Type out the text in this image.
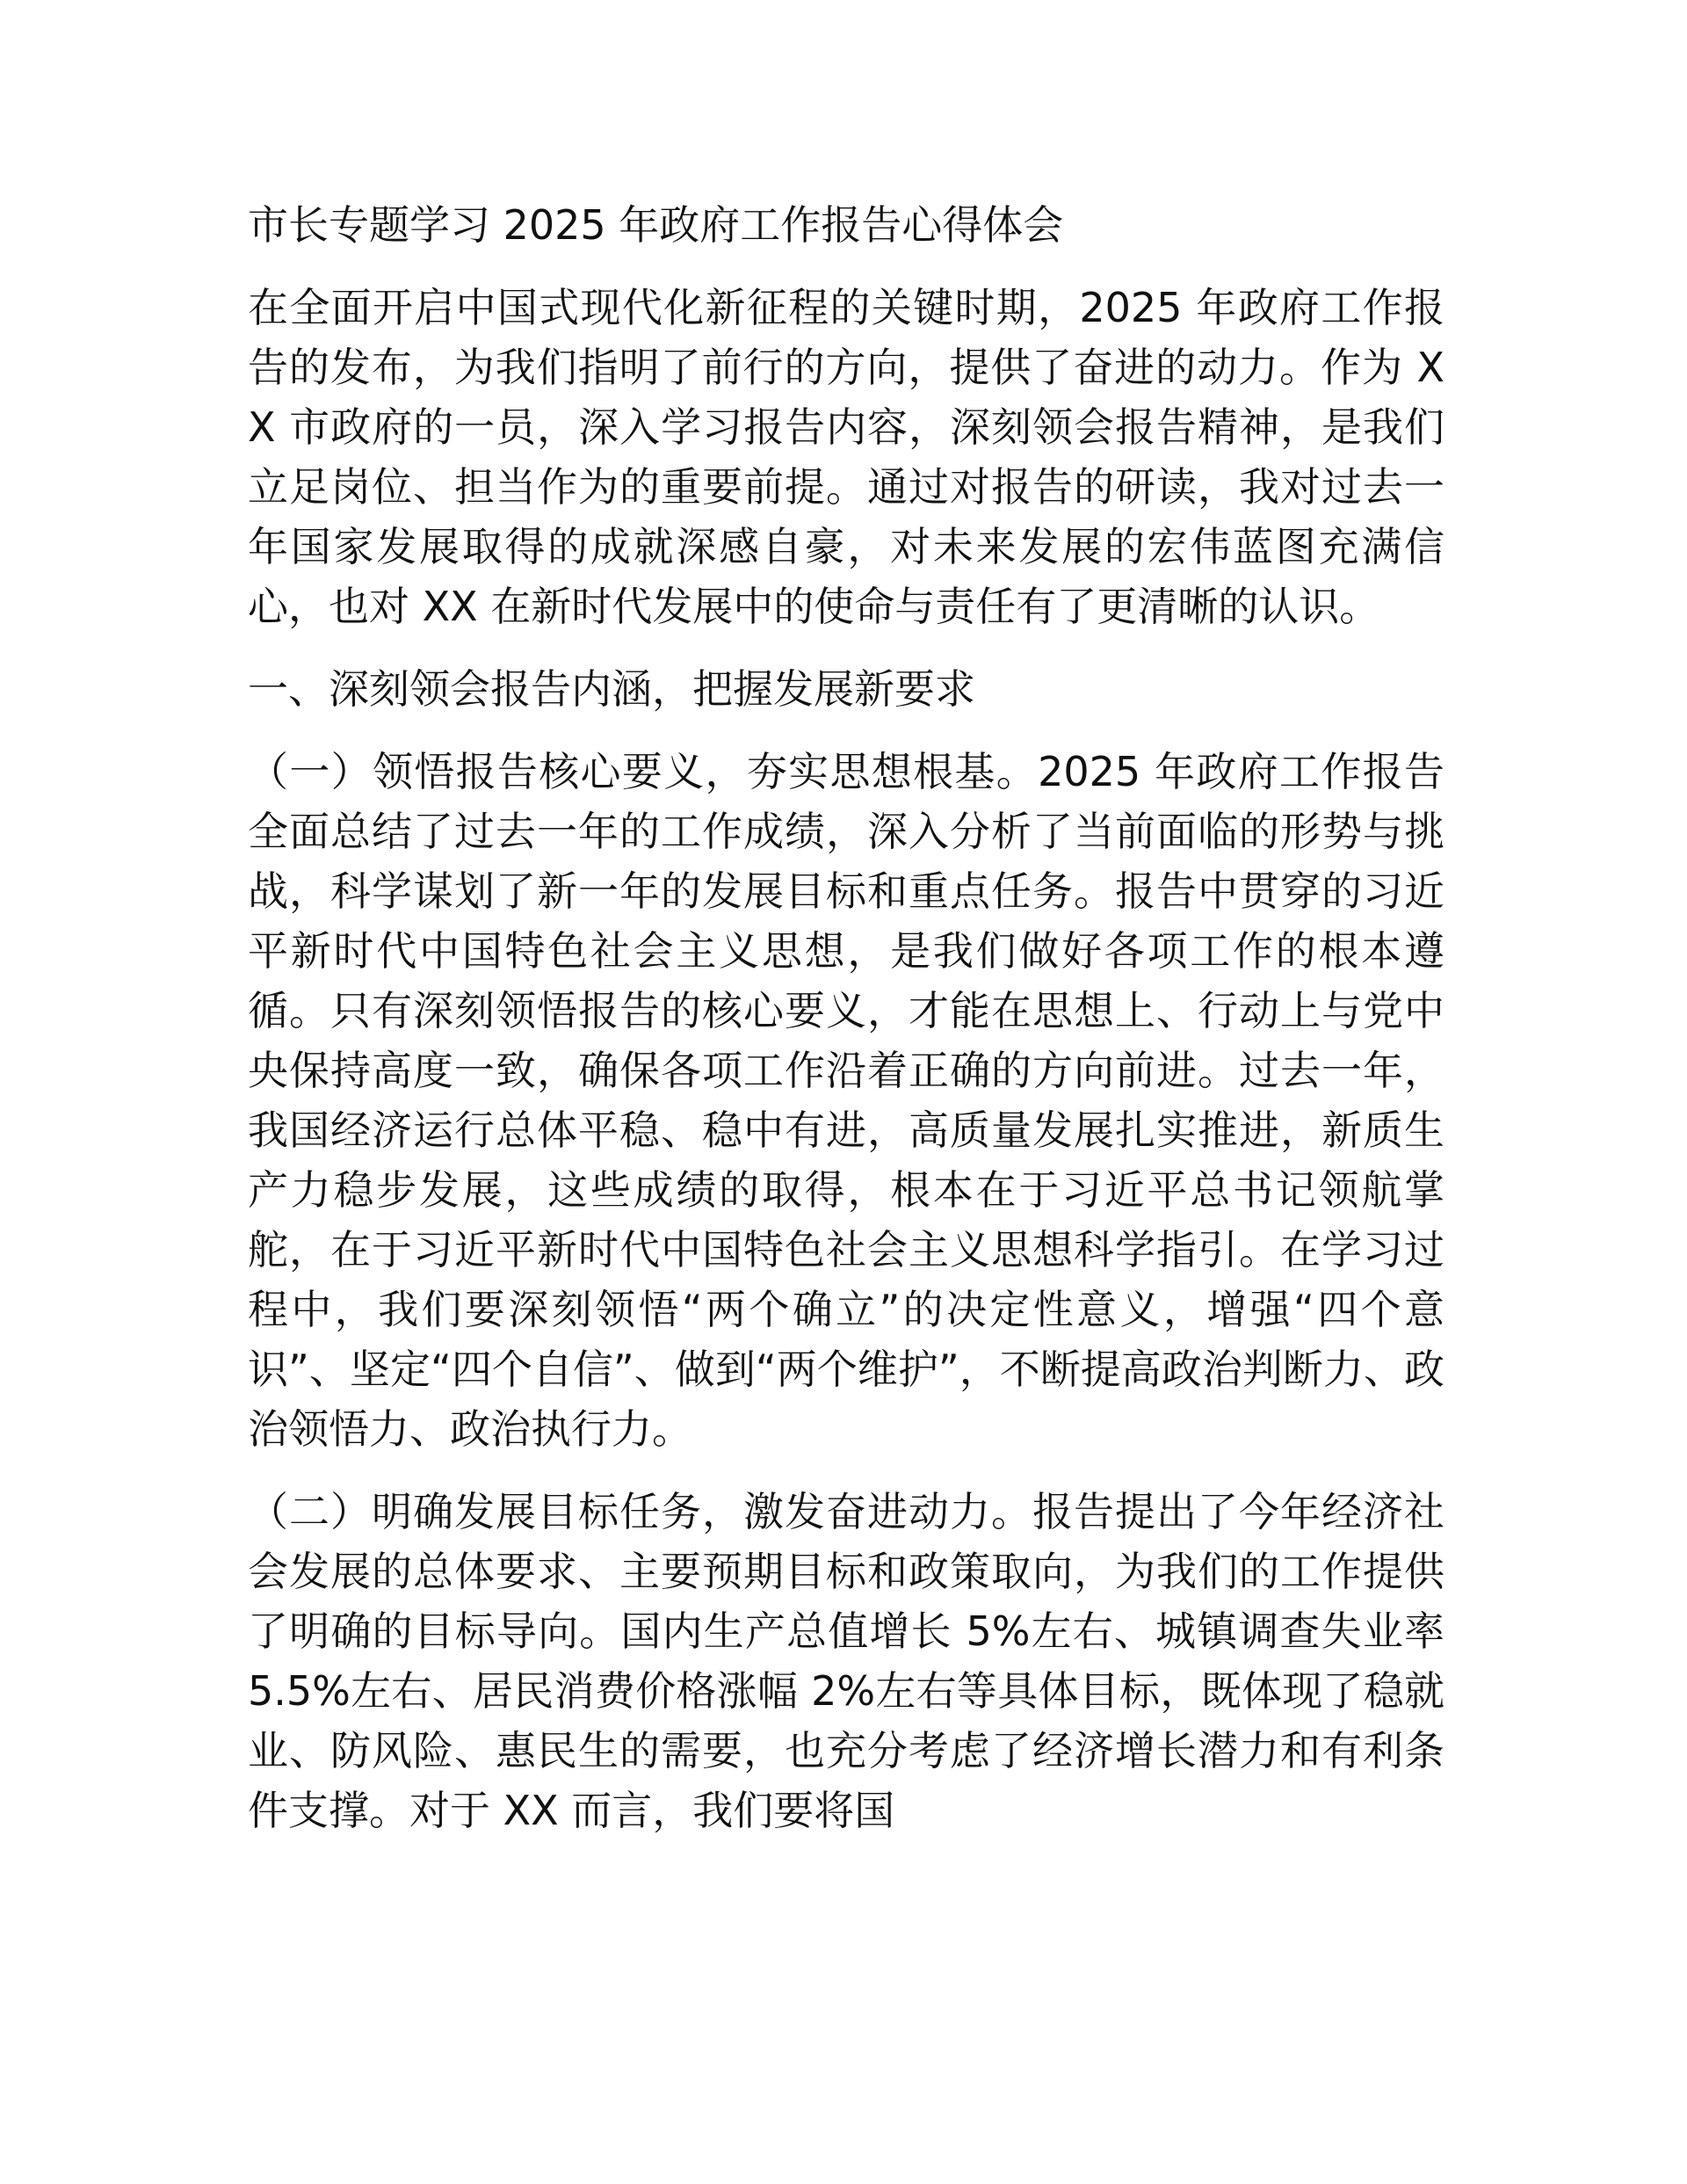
市长专题学习 2025 年政府工作报告心得体会
在全面开启中国式现代化新征程的关键时期，2025 年政府工作报告的发布，为我们指明了前行的方向，提供了奋进的动力。作为 XX 市政府的一员，深入学习报告内容，深刻领会报告精神，是我们立足岗位、担当作为的重要前提。通过对报告的研读，我对过去一年国家发展取得的成就深感自豪，对未来发展的宏伟蓝图充满信心，也对 XX 在新时代发展中的使命与责任有了更清晰的认识。
一、深刻领会报告内涵，把握发展新要求
（一）领悟报告核心要义，夯实思想根基。2025 年政府工作报告全面总结了过去一年的工作成绩，深入分析了当前面临的形势与挑战，科学谋划了新一年的发展目标和重点任务。报告中贯穿的习近平新时代中国特色社会主义思想，是我们做好各项工作的根本遵循。只有深刻领悟报告的核心要义，才能在思想上、行动上与党中央保持高度一致，确保各项工作沿着正确的方向前进。过去一年，我国经济运行总体平稳、稳中有进，高质量发展扎实推进，新质生产力稳步发展，这些成绩的取得，根本在于习近平总书记领航掌舵，在于习近平新时代中国特色社会主义思想科学指引。在学习过程中，我们要深刻领悟“两个确立”的决定性意义，增强“四个意识”、坚定“四个自信”、做到“两个维护”，不断提高政治判断力、政治领悟力、政治执行力。
（二）明确发展目标任务，激发奋进动力。报告提出了今年经济社会发展的总体要求、主要预期目标和政策取向，为我们的工作提供了明确的目标导向。国内生产总值增长 5%左右、城镇调查失业率 5.5%左右、居民消费价格涨幅 2%左右等具体目标，既体现了稳就业、防风险、惠民生的需要，也充分考虑了经济增长潜力和有利条件支撑。对于 XX 而言，我们要将国
